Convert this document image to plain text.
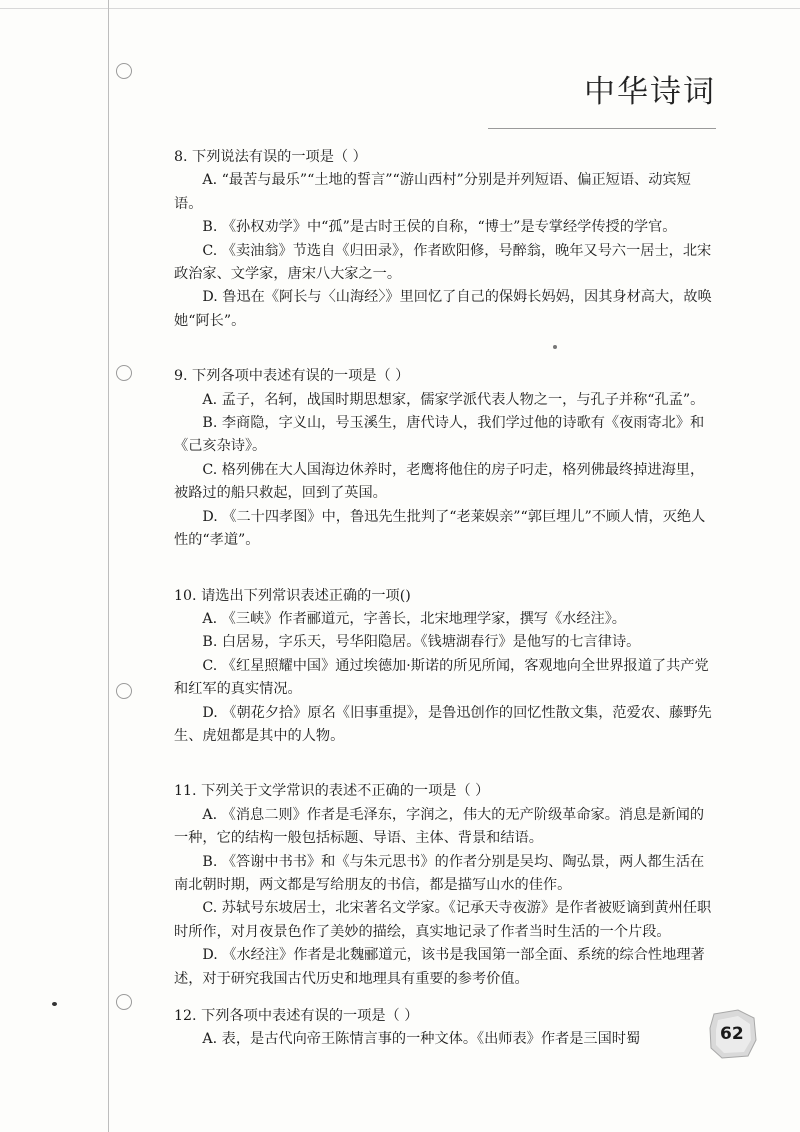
中华诗词

8. 下列说法有误的一项是（ ）

A. “最苦与最乐”“土地的誓言”“游山西村”分别是并列短语、偏正短语、动宾短语。

B. 《孙权劝学》中“孤”是古时王侯的自称，“博士”是专掌经学传授的学官。

C. 《卖油翁》节选自《归田录》，作者欧阳修，号醉翁，晚年又号六一居士，北宋政治家、文学家，唐宋八大家之一。

D. 鲁迅在《阿长与〈山海经〉》里回忆了自己的保姆长妈妈，因其身材高大，故唤她“阿长”。

9. 下列各项中表述有误的一项是（ ）

A. 孟子，名轲，战国时期思想家，儒家学派代表人物之一，与孔子并称“孔孟”。

B. 李商隐，字义山，号玉溪生，唐代诗人，我们学过他的诗歌有《夜雨寄北》和《己亥杂诗》。

C. 格列佛在大人国海边休养时，老鹰将他住的房子叼走，格列佛最终掉进海里，被路过的船只救起，回到了英国。

D. 《二十四孝图》中，鲁迅先生批判了“老莱娱亲”“郭巨埋儿”不顾人情，灭绝人性的“孝道”。

10. 请选出下列常识表述正确的一项()

A. 《三峡》作者郦道元，字善长，北宋地理学家，撰写《水经注》。

B. 白居易，字乐天，号华阳隐居。《钱塘湖春行》是他写的七言律诗。

C. 《红星照耀中国》通过埃德加·斯诺的所见所闻，客观地向全世界报道了共产党和红军的真实情况。

D. 《朝花夕拾》原名《旧事重提》，是鲁迅创作的回忆性散文集，范爱农、藤野先生、虎妞都是其中的人物。

11. 下列关于文学常识的表述不正确的一项是（ ）

A. 《消息二则》作者是毛泽东，字润之，伟大的无产阶级革命家。消息是新闻的一种，它的结构一般包括标题、导语、主体、背景和结语。

B. 《答谢中书书》和《与朱元思书》的作者分别是吴均、陶弘景，两人都生活在南北朝时期，两文都是写给朋友的书信，都是描写山水的佳作。

C. 苏轼号东坡居士，北宋著名文学家。《记承天寺夜游》是作者被贬谪到黄州任职时所作，对月夜景色作了美妙的描绘，真实地记录了作者当时生活的一个片段。

D. 《水经注》作者是北魏郦道元，该书是我国第一部全面、系统的综合性地理著述，对于研究我国古代历史和地理具有重要的参考价值。

12. 下列各项中表述有误的一项是（ ）

A. 表，是古代向帝王陈情言事的一种文体。《出师表》作者是三国时蜀	62
